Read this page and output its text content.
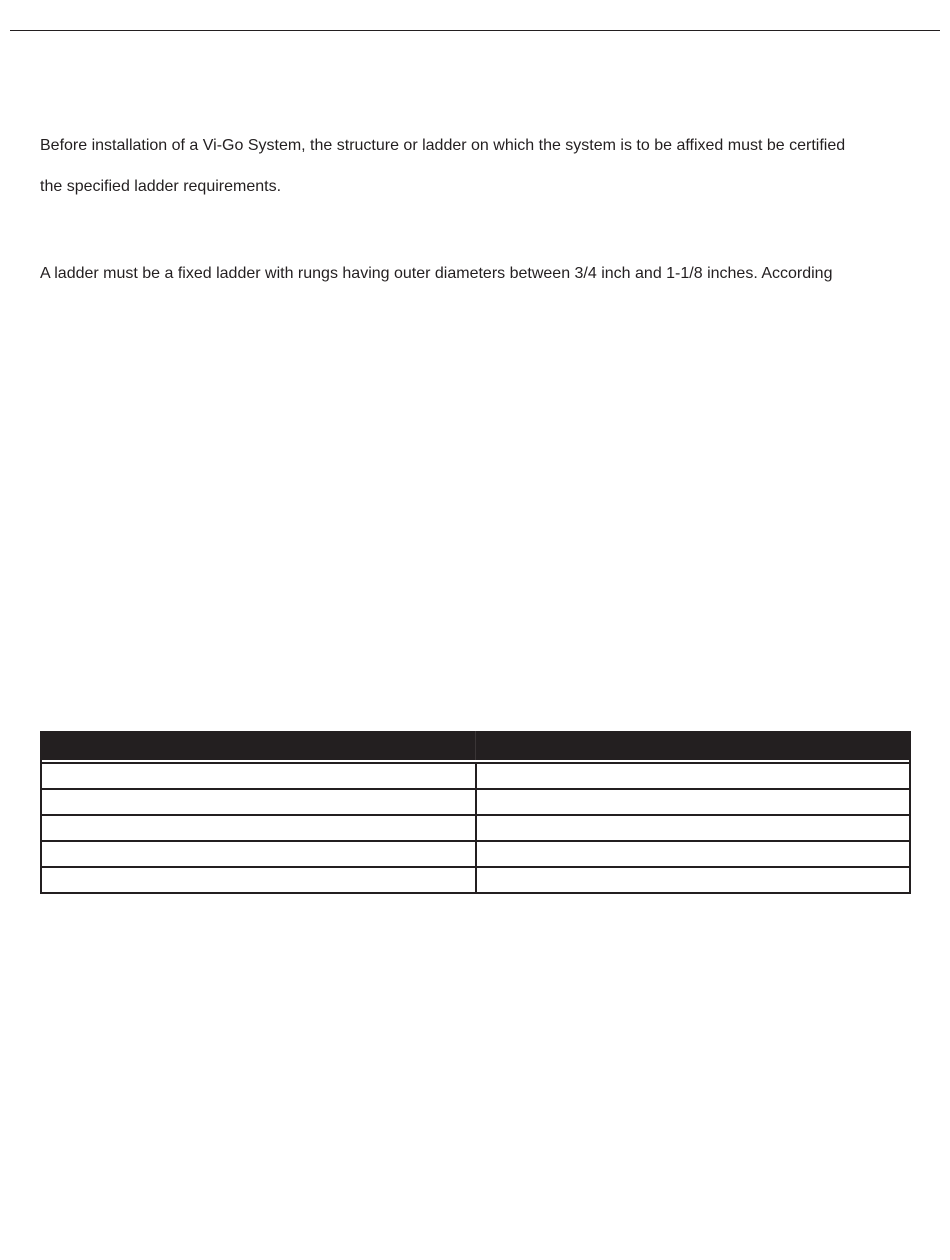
Before installation of a Vi-Go System, the structure or ladder on which the system is to be affixed must be certified
the specified ladder requirements.
A ladder must be a fixed ladder with rungs having outer diameters between 3/4 inch and 1-1/8 inches. According
